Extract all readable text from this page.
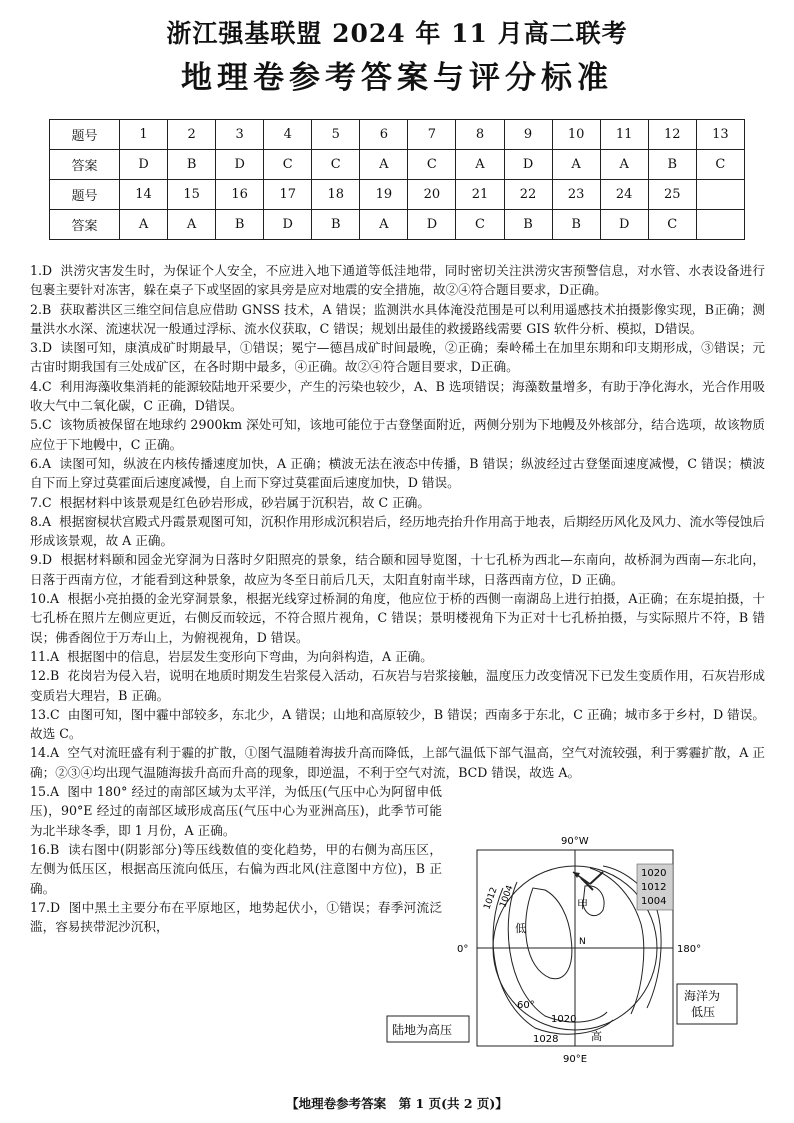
浙江强基联盟 2024 年 11 月高二联考
地理卷参考答案与评分标准
题号	1	2	3	4	5	6	7	8	9	10	11	12	13
答案	D	B	D	C	C	A	C	A	D	A	A	B	C
题号	14	15	16	17	18	19	20	21	22	23	24	25	
答案	A	A	B	D	B	A	D	C	B	B	D	C	

1.D 洪涝灾害发生时，为保证个人安全，不应进入地下通道等低洼地带，同时密切关注洪涝灾害预警信息，对水管、水表设备进行包裹主要针对冻害，躲在桌子下或坚固的家具旁是应对地震的安全措施，故②④符合题目要求，D正确。

2.B 获取蓄洪区三维空间信息应借助 GNSS 技术，A 错误；监测洪水具体淹没范围是可以利用遥感技术拍摄影像实现，B正确；测量洪水水深、流速状况一般通过浮标、流水仪获取，C 错误；规划出最佳的救援路线需要 GIS 软件分析、模拟，D错误。

3.D 读图可知，康滇成矿时期最早，①错误；冕宁—德昌成矿时间最晚，②正确；秦岭稀土在加里东期和印支期形成，③错误；元古宙时期我国有三处成矿区，在各时期中最多，④正确。故②④符合题目要求，D正确。

4.C 利用海藻收集消耗的能源较陆地开采要少，产生的污染也较少，A、B 选项错误；海藻数量增多，有助于净化海水，光合作用吸收大气中二氧化碳，C 正确，D错误。

5.C 该物质被保留在地球约 2900km 深处可知，该地可能位于古登堡面附近，两侧分别为下地幔及外核部分，结合选项，故该物质应位于下地幔中，C 正确。

6.A 读图可知，纵波在内核传播速度加快，A 正确；横波无法在液态中传播，B 错误；纵波经过古登堡面速度减慢，C 错误；横波自下而上穿过莫霍面后速度减慢，自上而下穿过莫霍面后速度加快，D 错误。

7.C 根据材料中该景观是红色砂岩形成，砂岩属于沉积岩，故 C 正确。

8.A 根据窗棂状宫殿式丹霞景观图可知，沉积作用形成沉积岩后，经历地壳抬升作用高于地表，后期经历风化及风力、流水等侵蚀后形成该景观，故 A 正确。

9.D 根据材料颐和园金光穿洞为日落时夕阳照亮的景象，结合颐和园导览图，十七孔桥为西北—东南向，故桥洞为西南—东北向，日落于西南方位，才能看到这种景象，故应为冬至日前后几天，太阳直射南半球，日落西南方位，D 正确。

10.A 根据小亮拍摄的金光穿洞景象，根据光线穿过桥洞的角度，他应位于桥的西侧一南湖岛上进行拍摄，A正确；在东堤拍摄，十七孔桥在照片左侧应更近，右侧反而较远，不符合照片视角，C 错误；景明楼视角下为正对十七孔桥拍摄，与实际照片不符，B 错误；佛香阁位于万寿山上，为俯视视角，D 错误。

11.A 根据图中的信息，岩层发生变形向下弯曲，为向斜构造，A 正确。

12.B 花岗岩为侵入岩，说明在地质时期发生岩浆侵入活动，石灰岩与岩浆接触，温度压力改变情况下已发生变质作用，石灰岩形成变质岩大理岩，B 正确。

13.C 由图可知，图中霾中部较多，东北少，A 错误；山地和高原较少，B 错误；西南多于东北，C 正确；城市多于乡村，D 错误。故选 C。

14.A 空气对流旺盛有利于霾的扩散，①图气温随着海拔升高而降低，上部气温低下部气温高，空气对流较强，利于雾霾扩散，A 正确；②③④均出现气温随海拔升高而升高的现象，即逆温，不利于空气对流，BCD 错误，故选 A。

15.A 图中 180° 经过的南部区域为太平洋，为低压(气压中心为阿留申低压)，90°E 经过的南部区域形成高压(气压中心为亚洲高压)，此季节可能为北半球冬季，即 1 月份，A 正确。

16.B 读右图中(阴影部分)等压线数值的变化趋势，甲的右侧为高压区，左侧为低压区，根据高压流向低压，右偏为西北风(注意图中方位)，B 正确。

17.D 图中黑土主要分布在平原地区，地势起伏小，①错误；春季河流泛滥，容易挟带泥沙沉积，

1020
1012
1004
1012
1004
1020
1028
60°
低
高
甲
N
90°W
90°E
0°	180°
陆地为高压
海洋为
低压
【地理卷参考答案　第 1 页(共 2 页)】
